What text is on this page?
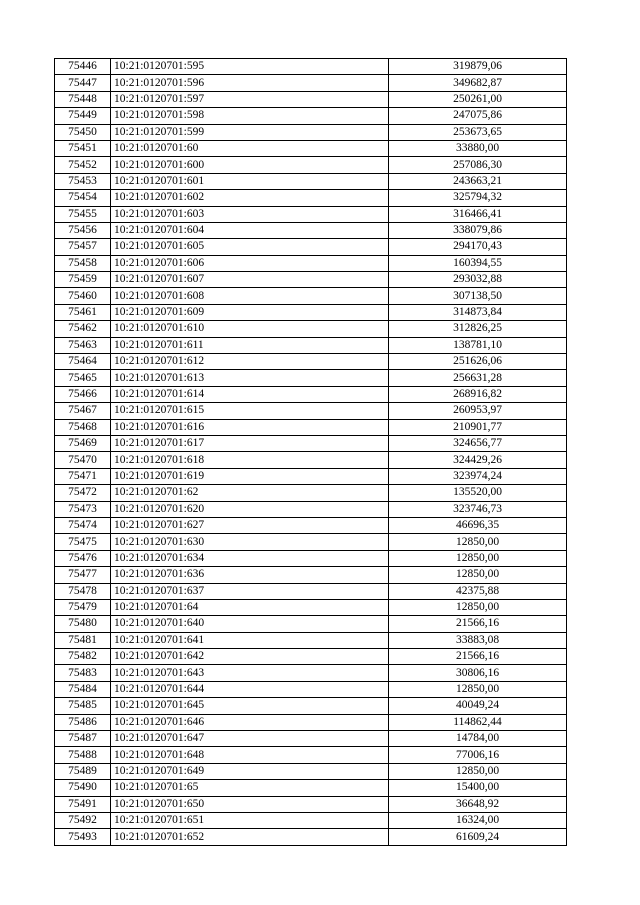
75446	10:21:0120701:595	319879,06
75447	10:21:0120701:596	349682,87
75448	10:21:0120701:597	250261,00
75449	10:21:0120701:598	247075,86
75450	10:21:0120701:599	253673,65
75451	10:21:0120701:60	33880,00
75452	10:21:0120701:600	257086,30
75453	10:21:0120701:601	243663,21
75454	10:21:0120701:602	325794,32
75455	10:21:0120701:603	316466,41
75456	10:21:0120701:604	338079,86
75457	10:21:0120701:605	294170,43
75458	10:21:0120701:606	160394,55
75459	10:21:0120701:607	293032,88
75460	10:21:0120701:608	307138,50
75461	10:21:0120701:609	314873,84
75462	10:21:0120701:610	312826,25
75463	10:21:0120701:611	138781,10
75464	10:21:0120701:612	251626,06
75465	10:21:0120701:613	256631,28
75466	10:21:0120701:614	268916,82
75467	10:21:0120701:615	260953,97
75468	10:21:0120701:616	210901,77
75469	10:21:0120701:617	324656,77
75470	10:21:0120701:618	324429,26
75471	10:21:0120701:619	323974,24
75472	10:21:0120701:62	135520,00
75473	10:21:0120701:620	323746,73
75474	10:21:0120701:627	46696,35
75475	10:21:0120701:630	12850,00
75476	10:21:0120701:634	12850,00
75477	10:21:0120701:636	12850,00
75478	10:21:0120701:637	42375,88
75479	10:21:0120701:64	12850,00
75480	10:21:0120701:640	21566,16
75481	10:21:0120701:641	33883,08
75482	10:21:0120701:642	21566,16
75483	10:21:0120701:643	30806,16
75484	10:21:0120701:644	12850,00
75485	10:21:0120701:645	40049,24
75486	10:21:0120701:646	114862,44
75487	10:21:0120701:647	14784,00
75488	10:21:0120701:648	77006,16
75489	10:21:0120701:649	12850,00
75490	10:21:0120701:65	15400,00
75491	10:21:0120701:650	36648,92
75492	10:21:0120701:651	16324,00
75493	10:21:0120701:652	61609,24
